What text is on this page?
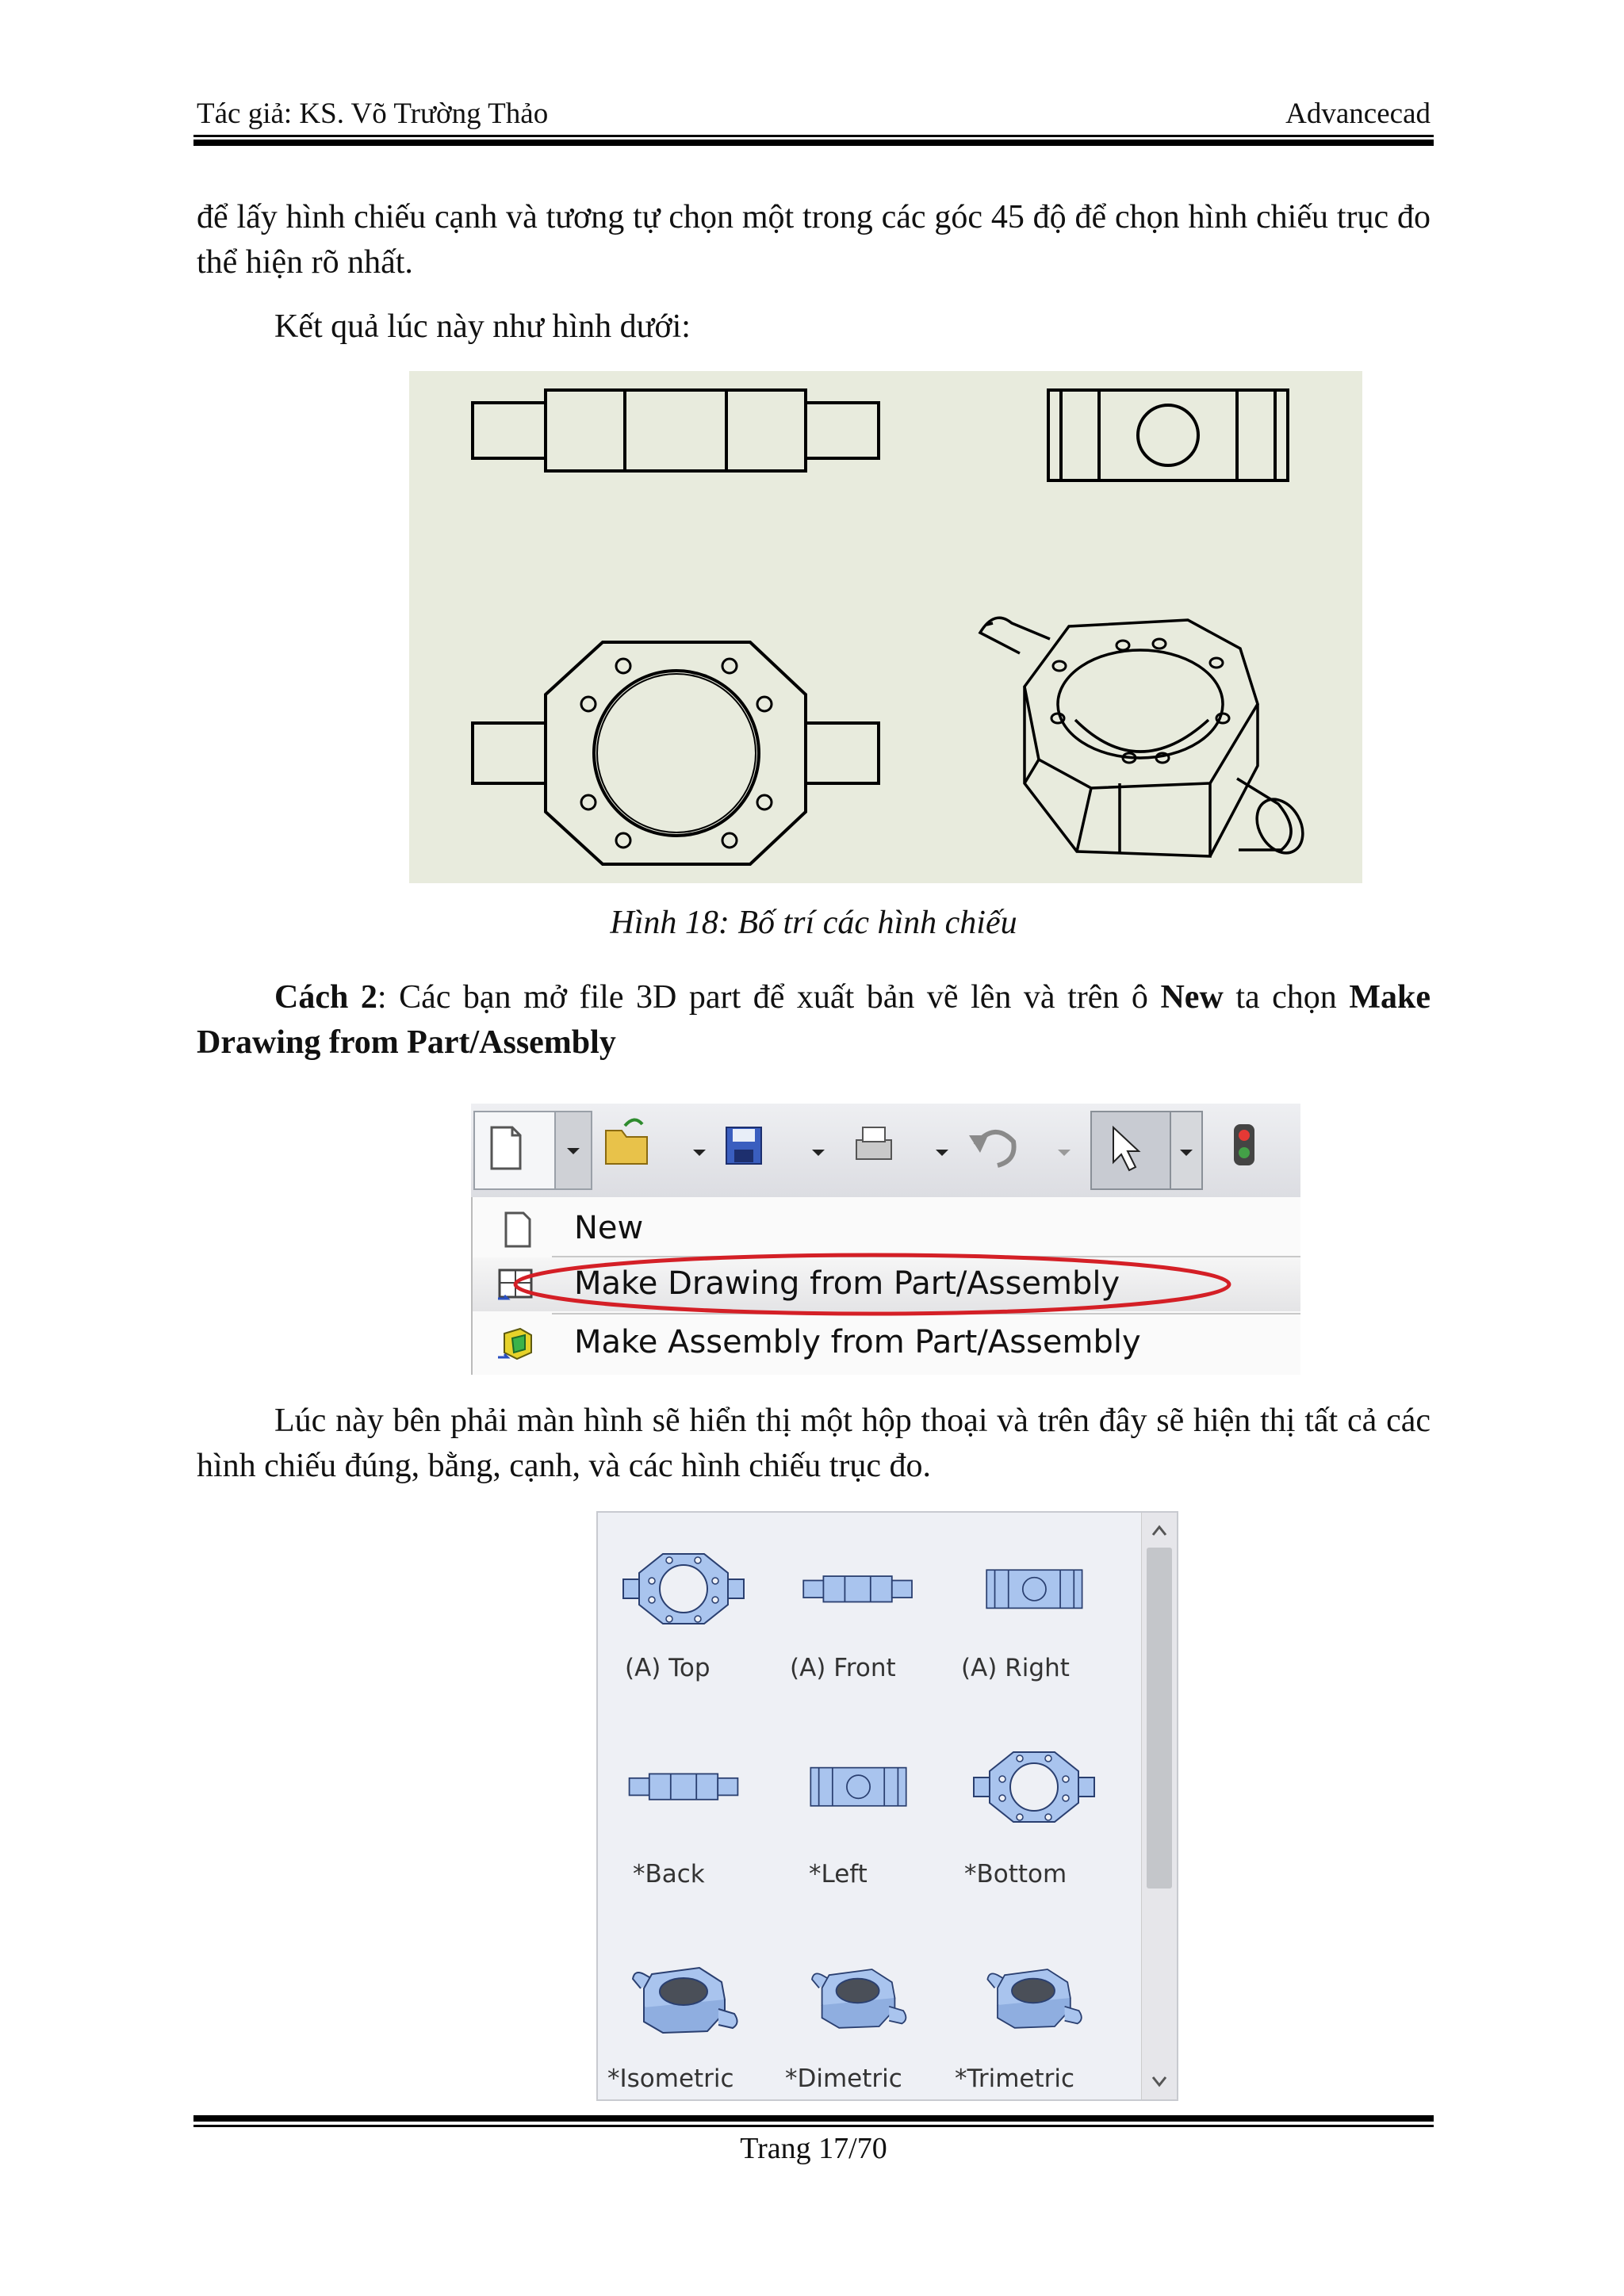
Tác giả: KS. Võ Trường Thảo	Advancecad
để lấy hình chiếu cạnh và tương tự chọn một trong các góc 45 độ để chọn hình chiếu trục đo thể hiện rõ nhất.
Kết quả lúc này như hình dưới:
Hình 18: Bố trí các hình chiếu
Cách 2: Các bạn mở file 3D part để xuất bản vẽ lên và trên ô New ta chọn Make Drawing from Part/Assembly
New
Make Drawing from Part/Assembly
Make Assembly from Part/Assembly
Lúc này bên phải màn hình sẽ hiển thị một hộp thoại và trên đây sẽ hiện thị tất cả các hình chiếu đúng, bằng, cạnh, và các hình chiếu trục đo.
(A) Top	(A) Front	(A) Right
*Back	*Left	*Bottom
*Isometric *Dimetric *Trimetric
Trang 17/70
